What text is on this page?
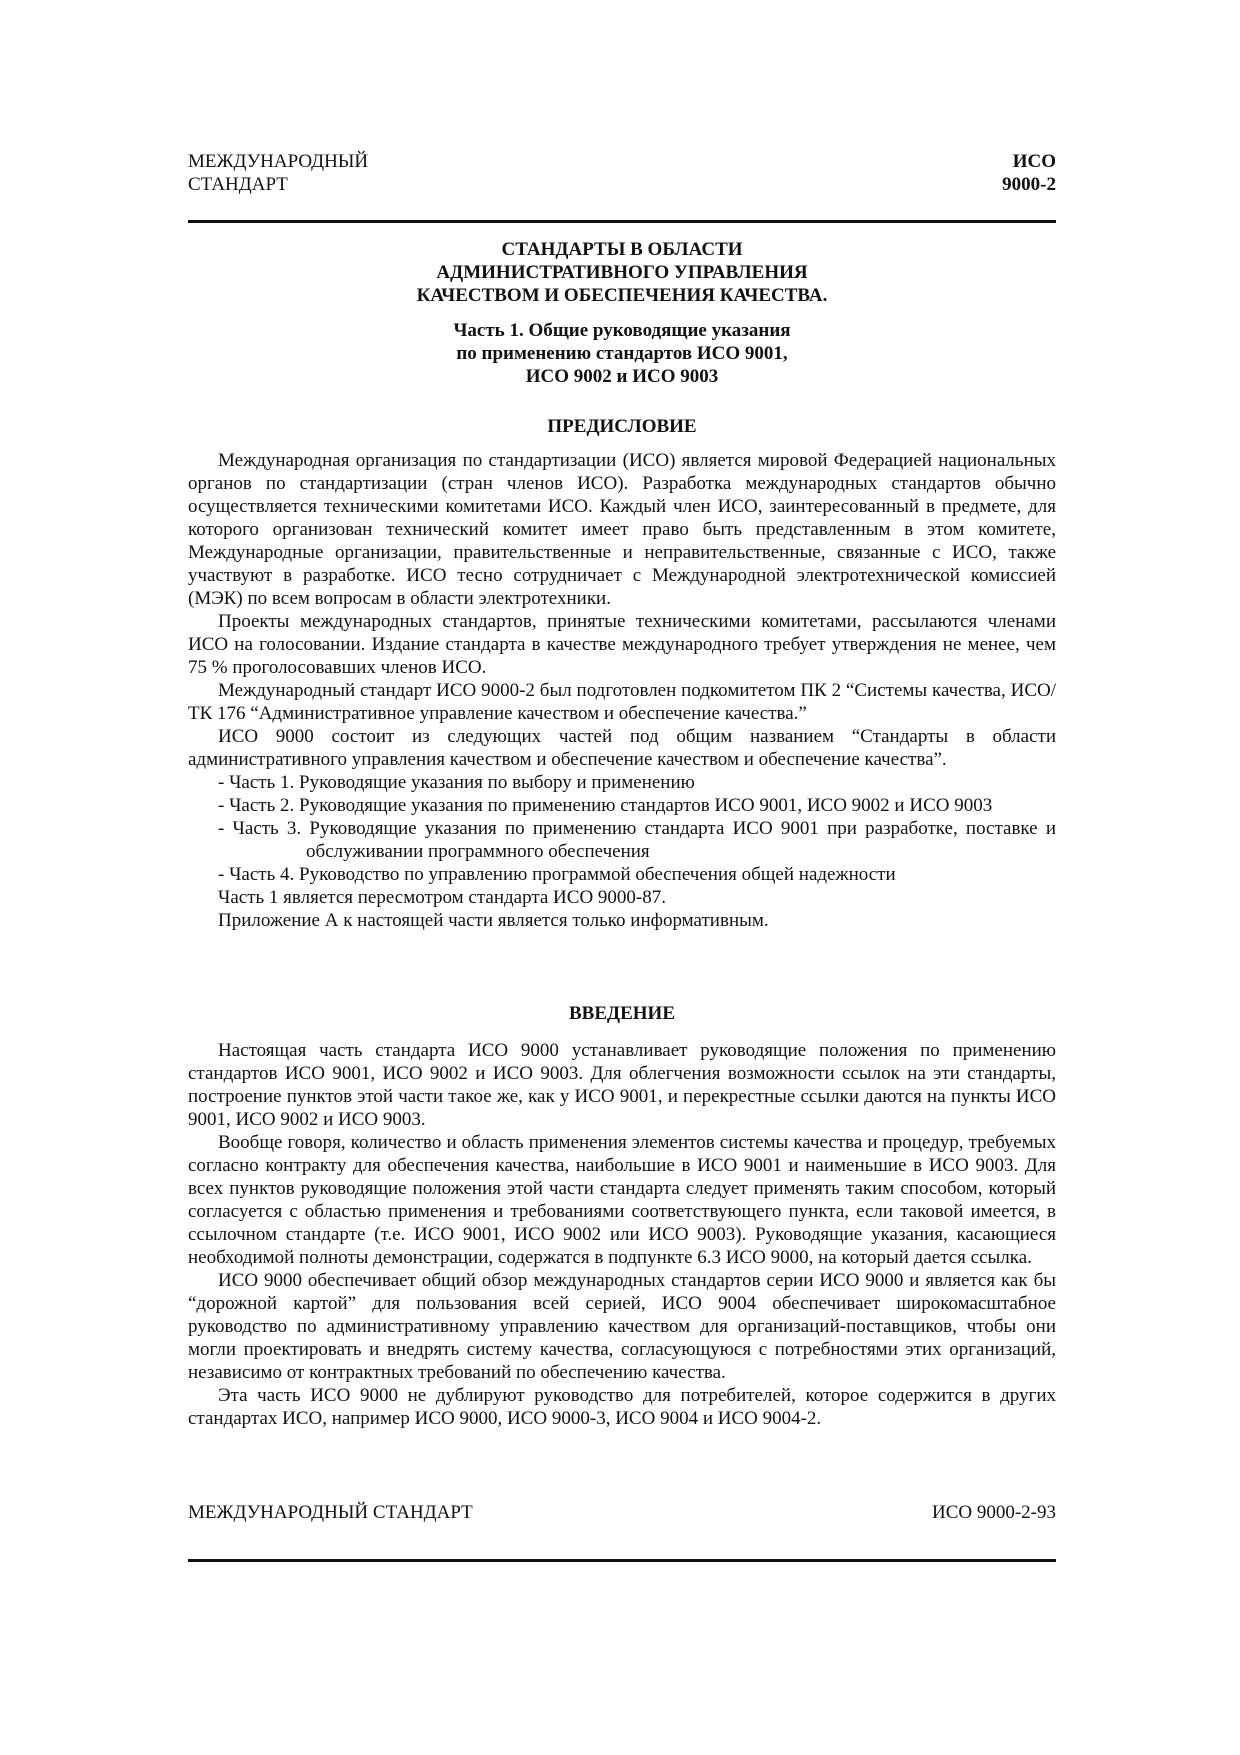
МЕЖДУНАРОДНЫЙ
СТАНДАРТ
ИСО
9000-2
СТАНДАРТЫ В ОБЛАСТИ
АДМИНИСТРАТИВНОГО УПРАВЛЕНИЯ
КАЧЕСТВОМ И ОБЕСПЕЧЕНИЯ КАЧЕСТВА.
Часть 1. Общие руководящие указания
по применению стандартов ИСО 9001,
ИСО 9002 и ИСО 9003
ПРЕДИСЛОВИЕ

Международная организация по стандартизации (ИСО) является мировой Федерацией национальных органов по стандартизации (стран членов ИСО). Разработка международных стандартов обычно осуществляется техническими комитетами ИСО. Каждый член ИСО, заинтересованный в предмете, для которого организован технический комитет имеет право быть представленным в этом комитете, Международные организации, правительственные и неправительственные, связанные с ИСО, также участвуют в разработке. ИСО тесно сотрудничает с Международной электротехнической комиссией (МЭК) по всем вопросам в области электротехники.

Проекты международных стандартов, принятые техническими комитетами, рассылаются членами ИСО на голосовании. Издание стандарта в качестве международного требует утверждения не менее, чем 75 % проголосовавших членов ИСО.

Международный стандарт ИСО 9000-2 был подготовлен подкомитетом ПК 2 “Системы качества, ИСО/ТК 176 “Административное управление качеством и обеспечение качества.”

ИСО 9000 состоит из следующих частей под общим названием “Стандарты в области административного управления качеством и обеспечение качеством и обеспечение качества”.

- Часть 1. Руководящие указания по выбору и применению
- Часть 2. Руководящие указания по применению стандартов ИСО 9001, ИСО 9002 и ИСО 9003
- Часть 3. Руководящие указания по применению стандарта ИСО 9001 при разработке, поставке и обслуживании программного обеспечения
- Часть 4. Руководство по управлению программой обеспечения общей надежности
Часть 1 является пересмотром стандарта ИСО 9000-87.
Приложение А к настоящей части является только информативным.
ВВЕДЕНИЕ

Настоящая часть стандарта ИСО 9000 устанавливает руководящие положения по применению стандартов ИСО 9001, ИСО 9002 и ИСО 9003. Для облегчения возможности ссылок на эти стандарты, построение пунктов этой части такое же, как у ИСО 9001, и перекрестные ссылки даются на пункты ИСО 9001, ИСО 9002 и ИСО 9003.

Вообще говоря, количество и область применения элементов системы качества и процедур, требуемых согласно контракту для обеспечения качества, наибольшие в ИСО 9001 и наименьшие в ИСО 9003. Для всех пунктов руководящие положения этой части стандарта следует применять таким способом, который согласуется с областью применения и требованиями соответствующего пункта, если таковой имеется, в ссылочном стандарте (т.е. ИСО 9001, ИСО 9002 или ИСО 9003). Руководящие указания, касающиеся необходимой полноты демонстрации, содержатся в подпункте 6.3 ИСО 9000, на который дается ссылка.

ИСО 9000 обеспечивает общий обзор международных стандартов серии ИСО 9000 и является как бы “дорожной картой” для пользования всей серией, ИСО 9004 обеспечивает широкомасштабное руководство по административному управлению качеством для организаций-поставщиков, чтобы они могли проектировать и внедрять систему качества, согласующуюся с потребностями этих организаций, независимо от контрактных требований по обеспечению качества.

Эта часть ИСО 9000 не дублируют руководство для потребителей, которое содержится в других стандартах ИСО, например ИСО 9000, ИСО 9000-3, ИСО 9004 и ИСО 9004-2.

МЕЖДУНАРОДНЫЙ СТАНДАРТ	ИСО 9000-2-93
